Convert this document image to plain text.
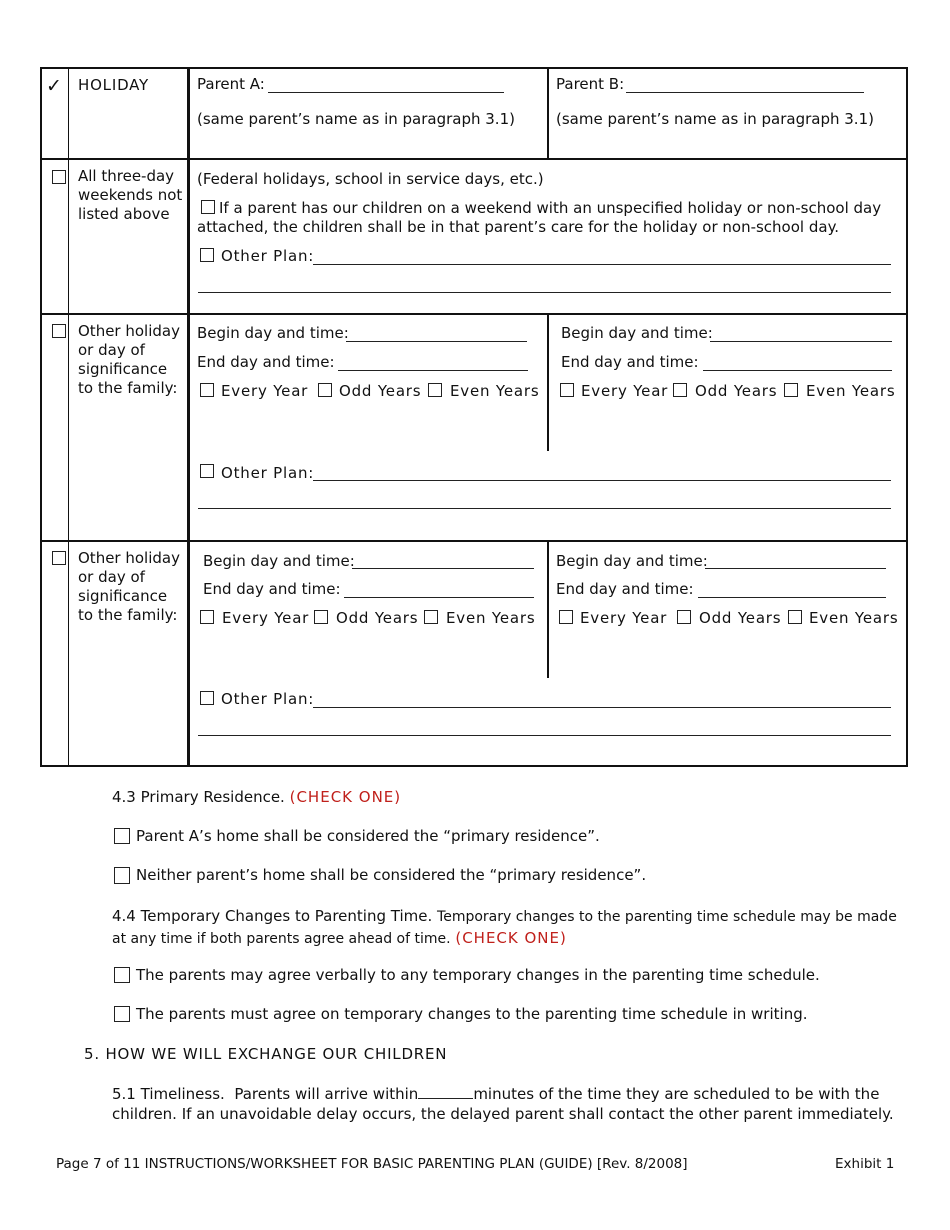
✓ HOLIDAY	Parent A:	Parent B:
(same parent’s name as in paragraph 3.1)	(same parent’s name as in paragraph 3.1)
All three-day weekends not listed above
(Federal holidays, school in service days, etc.)
If a parent has our children on a weekend with an unspecified holiday or non-school day attached, the children shall be in that parent’s care for the holiday or non-school day.
Other Plan:
Other holiday or day of significance to the family:
Begin day and time:
End day and time:
Every Year Odd Years Even Years
Begin day and time:
End day and time:
Every Year Odd Years Even Years
Other Plan:
Other holiday or day of significance to the family:
Begin day and time:
End day and time:
Every Year Odd Years Even Years
Begin day and time:
End day and time:
Every Year Odd Years Even Years
Other Plan:
4.3 Primary Residence. (CHECK ONE)
Parent A’s home shall be considered the “primary residence”.
Neither parent’s home shall be considered the “primary residence”.
4.4 Temporary Changes to Parenting Time. Temporary changes to the parenting time schedule may be made at any time if both parents agree ahead of time. (CHECK ONE)
The parents may agree verbally to any temporary changes in the parenting time schedule.
The parents must agree on temporary changes to the parenting time schedule in writing.
5. HOW WE WILL EXCHANGE OUR CHILDREN
5.1 Timeliness. Parents will arrive within	minutes of the time they are scheduled to be with the
children. If an unavoidable delay occurs, the delayed parent shall contact the other parent immediately.
Page 7 of 11 INSTRUCTIONS/WORKSHEET FOR BASIC PARENTING PLAN (GUIDE) [Rev. 8/2008]	Exhibit 1
